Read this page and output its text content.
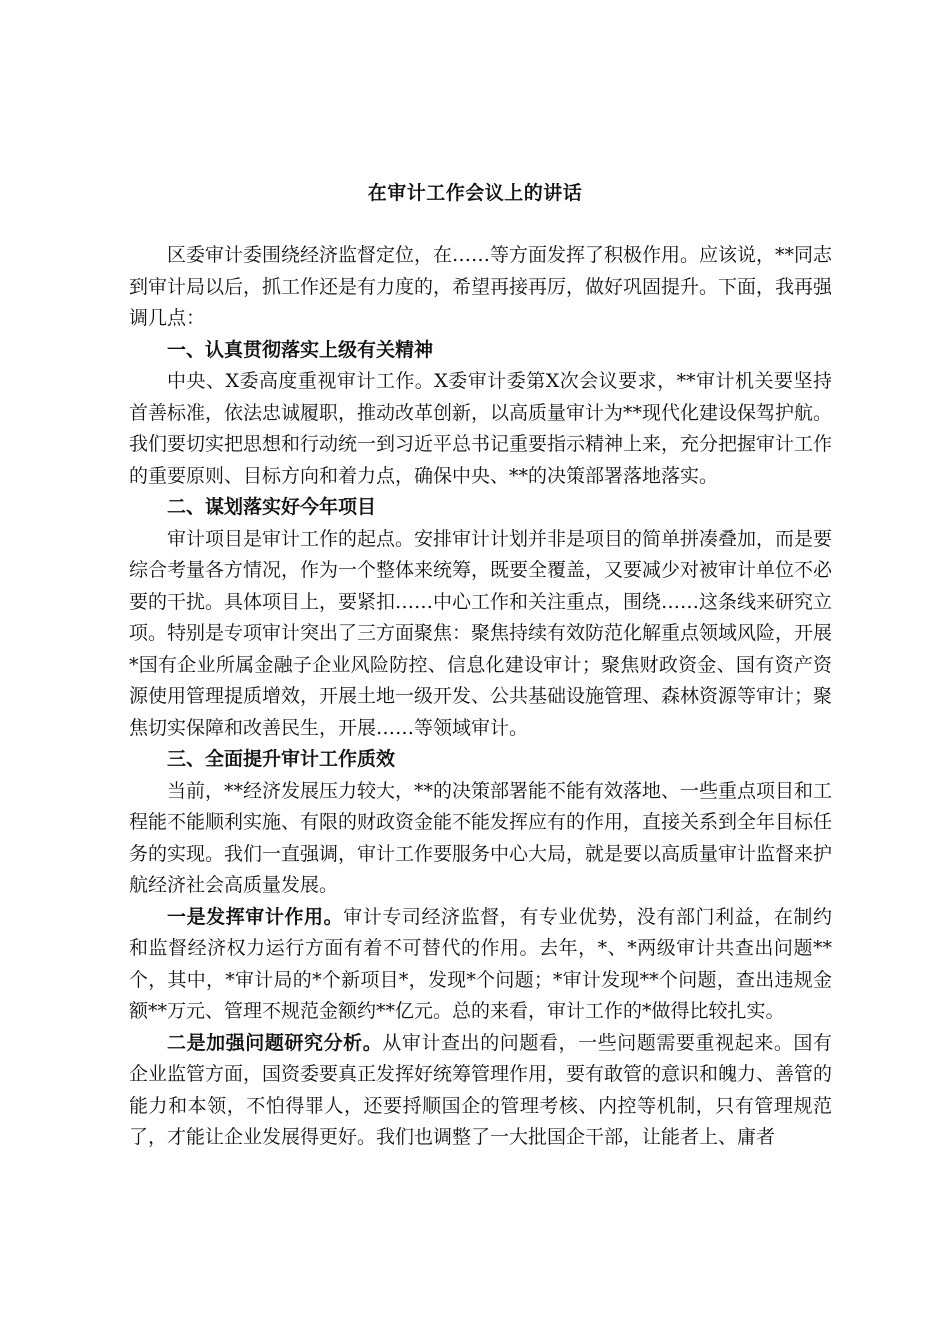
在审计工作会议上的讲话

区委审计委围绕经济监督定位，在……等方面发挥了积极作用。应该说，**同志到审计局以后，抓工作还是有力度的，希望再接再厉，做好巩固提升。下面，我再强调几点：

一、认真贯彻落实上级有关精神

中央、X委高度重视审计工作。X委审计委第X次会议要求，**审计机关要坚持首善标准，依法忠诚履职，推动改革创新，以高质量审计为**现代化建设保驾护航。我们要切实把思想和行动统一到习近平总书记重要指示精神上来，充分把握审计工作的重要原则、目标方向和着力点，确保中央、**的决策部署落地落实。

二、谋划落实好今年项目

审计项目是审计工作的起点。安排审计计划并非是项目的简单拼凑叠加，而是要综合考量各方情况，作为一个整体来统筹，既要全覆盖，又要减少对被审计单位不必要的干扰。具体项目上，要紧扣……中心工作和关注重点，围绕……这条线来研究立项。特别是专项审计突出了三方面聚焦：聚焦持续有效防范化解重点领域风险，开展*国有企业所属金融子企业风险防控、信息化建设审计；聚焦财政资金、国有资产资源使用管理提质增效，开展土地一级开发、公共基础设施管理、森林资源等审计；聚焦切实保障和改善民生，开展……等领域审计。

三、全面提升审计工作质效

当前，**经济发展压力较大，**的决策部署能不能有效落地、一些重点项目和工程能不能顺利实施、有限的财政资金能不能发挥应有的作用，直接关系到全年目标任务的实现。我们一直强调，审计工作要服务中心大局，就是要以高质量审计监督来护航经济社会高质量发展。

一是发挥审计作用。审计专司经济监督，有专业优势，没有部门利益，在制约和监督经济权力运行方面有着不可替代的作用。去年，*、*两级审计共查出问题**个，其中，*审计局的*个新项目*，发现*个问题；*审计发现**个问题，查出违规金额**万元、管理不规范金额约**亿元。总的来看，审计工作的*做得比较扎实。

二是加强问题研究分析。从审计查出的问题看，一些问题需要重视起来。国有企业监管方面，国资委要真正发挥好统筹管理作用，要有敢管的意识和魄力、善管的能力和本领，不怕得罪人，还要捋顺国企的管理考核、内控等机制，只有管理规范了，才能让企业发展得更好。我们也调整了一大批国企干部，让能者上、庸者
